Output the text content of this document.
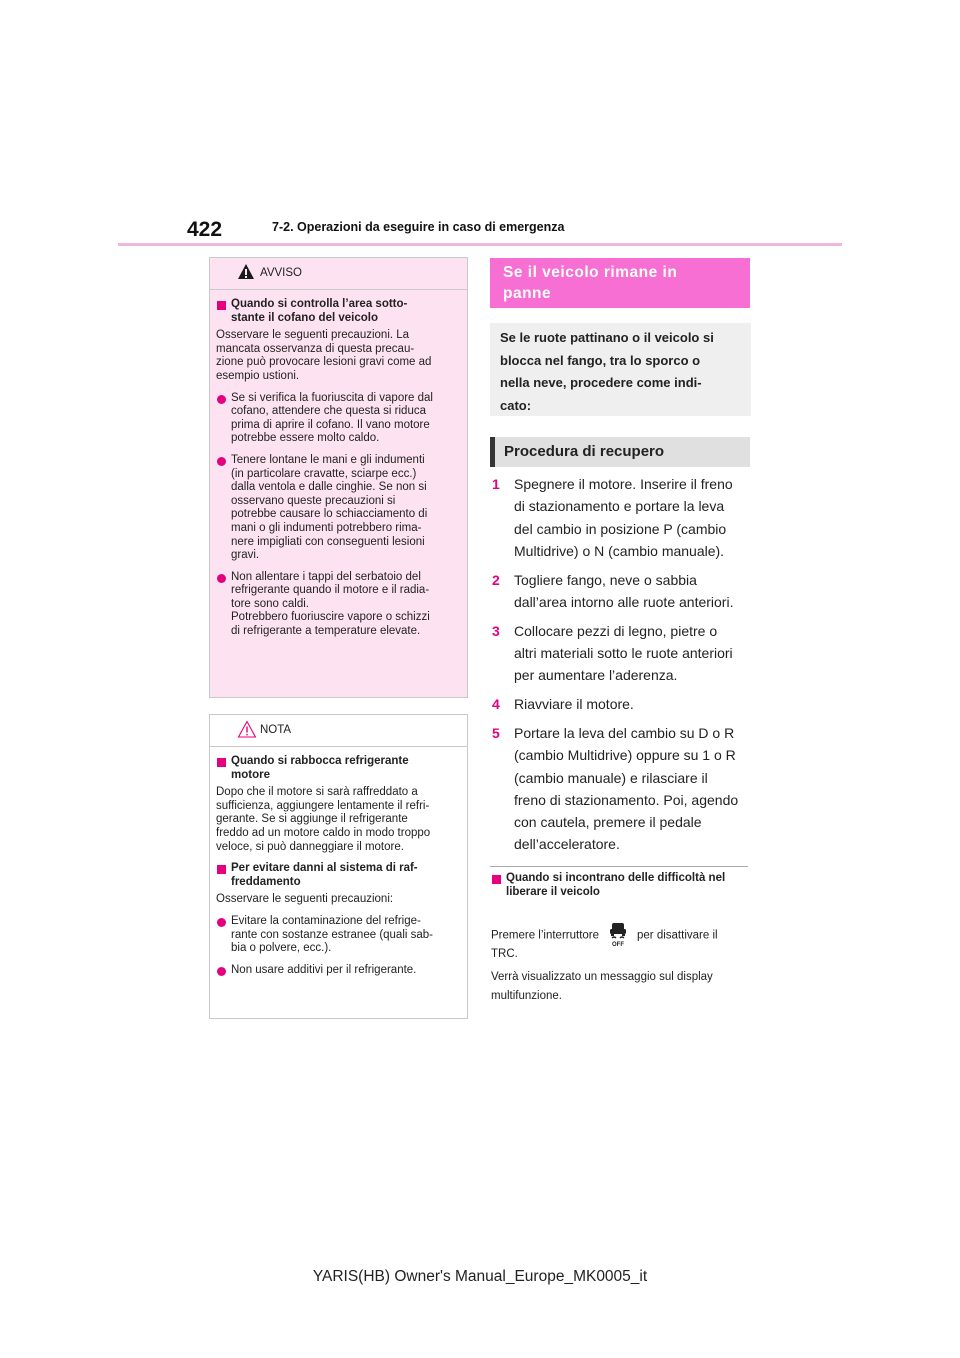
422	7-2. Operazioni da eseguire in caso di emergenza
AVVISO
Quando si controlla l’area sotto-
stante il cofano del veicolo
Osservare le seguenti precauzioni. La
mancata osservanza di questa precau-
zione può provocare lesioni gravi come ad
esempio ustioni.
Se si verifica la fuoriuscita di vapore dal
cofano, attendere che questa si riduca
prima di aprire il cofano. Il vano motore
potrebbe essere molto caldo.
Tenere lontane le mani e gli indumenti
(in particolare cravatte, sciarpe ecc.)
dalla ventola e dalle cinghie. Se non si
osservano queste precauzioni si
potrebbe causare lo schiacciamento di
mani o gli indumenti potrebbero rima-
nere impigliati con conseguenti lesioni
gravi.
Non allentare i tappi del serbatoio del
refrigerante quando il motore e il radia-
tore sono caldi.
Potrebbero fuoriuscire vapore o schizzi
di refrigerante a temperature elevate.
NOTA
Quando si rabbocca refrigerante
motore
Dopo che il motore si sarà raffreddato a
sufficienza, aggiungere lentamente il refri-
gerante. Se si aggiunge il refrigerante
freddo ad un motore caldo in modo troppo
veloce, si può danneggiare il motore.
Per evitare danni al sistema di raf-
freddamento
Osservare le seguenti precauzioni:
Evitare la contaminazione del refrige-
rante con sostanze estranee (quali sab-
bia o polvere, ecc.).
Non usare additivi per il refrigerante.
Se il veicolo rimane in
panne
Se le ruote pattinano o il veicolo si
blocca nel fango, tra lo sporco o
nella neve, procedere come indi-
cato:
Procedura di recupero
1	Spegnere il motore. Inserire il freno
di stazionamento e portare la leva
del cambio in posizione P (cambio
Multidrive) o N (cambio manuale).
2	Togliere fango, neve o sabbia
dall’area intorno alle ruote anteriori.
3	Collocare pezzi di legno, pietre o
altri materiali sotto le ruote anteriori
per aumentare l’aderenza.
4	Riavviare il motore.
5	Portare la leva del cambio su D o R
(cambio Multidrive) oppure su 1 o R
(cambio manuale) e rilasciare il
freno di stazionamento. Poi, agendo
con cautela, premere il pedale
dell’acceleratore.
Quando si incontrano delle difficoltà nel
liberare il veicolo
Premere l’interruttore
OFF
per disattivare il
TRC.
Verrà visualizzato un messaggio sul display
multifunzione.
YARIS(HB) Owner's Manual_Europe_MK0005_it
